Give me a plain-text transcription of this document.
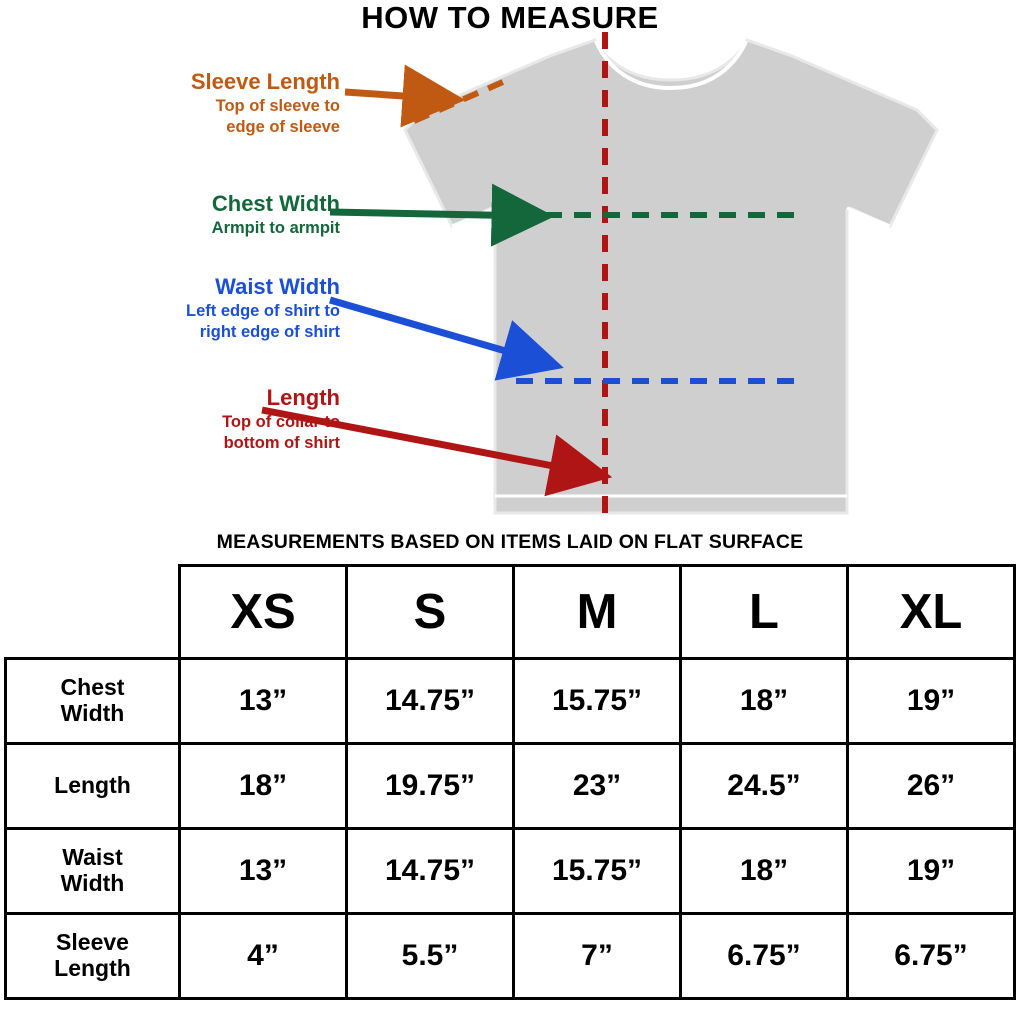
HOW TO MEASURE
Sleeve Length
Top of sleeve to
edge of sleeve
Chest Width
Armpit to armpit
Waist Width
Left edge of shirt to
right edge of shirt
Length
Top of collar to
bottom of shirt
MEASUREMENTS BASED ON ITEMS LAID ON FLAT SURFACE
	XS	S	M	L	XL

Chest
Width	13”	14.75”	15.75”	18”	19”

Length	18”	19.75”	23”	24.5”	26”

Waist
Width	13”	14.75”	15.75”	18”	19”

Sleeve
Length	4”	5.5”	7”	6.75”	6.75”
